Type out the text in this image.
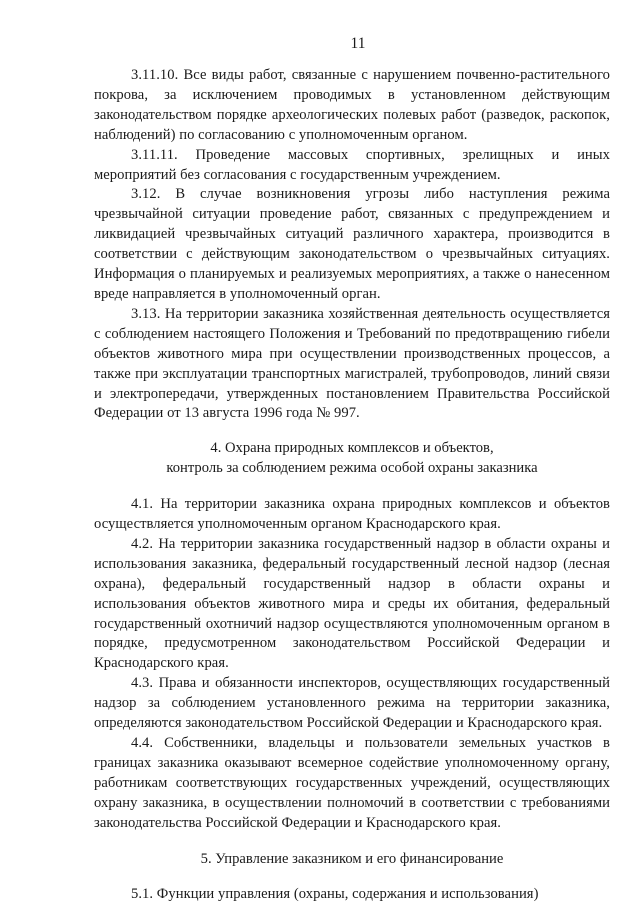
11

3.11.10. Все виды работ, связанные с нарушением почвенно-растительного покрова, за исключением проводимых в установленном действующим законодательством порядке археологических полевых работ (разведок, раскопок, наблюдений) по согласованию с уполномоченным органом.

3.11.11. Проведение массовых спортивных, зрелищных и иных мероприятий без согласования с государственным учреждением.

3.12. В случае возникновения угрозы либо наступления режима чрезвычайной ситуации проведение работ, связанных с предупреждением и ликвидацией чрезвычайных ситуаций различного характера, производится в соответствии с действующим законодательством о чрезвычайных ситуациях. Информация о планируемых и реализуемых мероприятиях, а также о нанесенном вреде направляется в уполномоченный орган.

3.13. На территории заказника хозяйственная деятельность осуществляется с соблюдением настоящего Положения и Требований по предотвращению гибели объектов животного мира при осуществлении производственных процессов, а также при эксплуатации транспортных магистралей, трубопроводов, линий связи и электропередачи, утвержденных постановлением Правительства Российской Федерации от 13 августа 1996 года № 997.

4. Охрана природных комплексов и объектов,

контроль за соблюдением режима особой охраны заказника

4.1. На территории заказника охрана природных комплексов и объектов осуществляется уполномоченным органом Краснодарского края.

4.2. На территории заказника государственный надзор в области охраны и использования заказника, федеральный государственный лесной надзор (лесная охрана), федеральный государственный надзор в области охраны и использования объектов животного мира и среды их обитания, федеральный государственный охотничий надзор осуществляются уполномоченным органом в порядке, предусмотренном законодательством Российской Федерации и Краснодарского края.

4.3. Права и обязанности инспекторов, осуществляющих государственный надзор за соблюдением установленного режима на территории заказника, определяются законодательством Российской Федерации и Краснодарского края.

4.4. Собственники, владельцы и пользователи земельных участков в границах заказника оказывают всемерное содействие уполномоченному органу, работникам соответствующих государственных учреждений, осуществляющих охрану заказника, в осуществлении полномочий в соответствии с требованиями законодательства Российской Федерации и Краснодарского края.

5. Управление заказником и его финансирование

5.1. Функции управления (охраны, содержания и использования)
